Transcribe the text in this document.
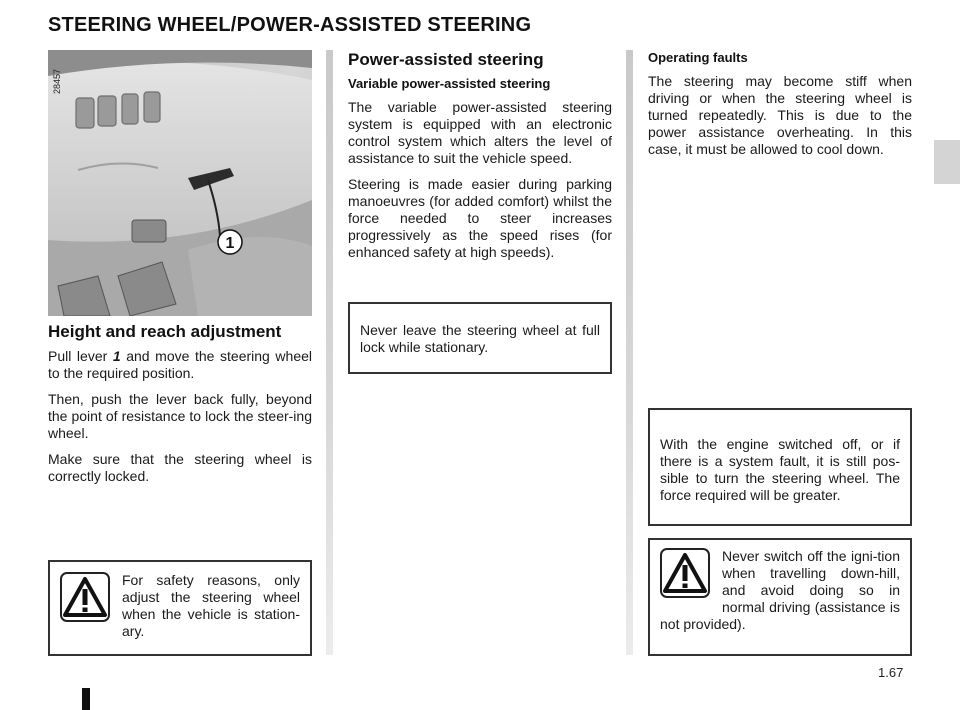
STEERING WHEEL/POWER-ASSISTED STEERING
1
28457
Height and reach adjustment

Pull lever 1 and move the steering wheel to the required position.

Then, push the lever back fully, beyond the point of resistance to lock the steer-ing wheel.

Make sure that the steering wheel is correctly locked.

For safety reasons, only adjust the steering wheel when the vehicle is station-ary.
Power-assisted steering
Variable power-assisted steering

The variable power-assisted steering system is equipped with an electronic control system which alters the level of assistance to suit the vehicle speed.

Steering is made easier during parking manoeuvres (for added comfort) whilst the force needed to steer increases progressively as the speed rises (for enhanced safety at high speeds).

Never leave the steering wheel at full lock while stationary.
Operating faults

The steering may become stiff when driving or when the steering wheel is turned repeatedly. This is due to the power assistance overheating. In this case, it must be allowed to cool down.

With the engine switched off, or if there is a system fault, it is still pos-sible to turn the steering wheel. The force required will be greater.
Never switch off the igni-tion when travelling down-hill, and avoid doing so in normal driving (assistance is not provided).
1.67
